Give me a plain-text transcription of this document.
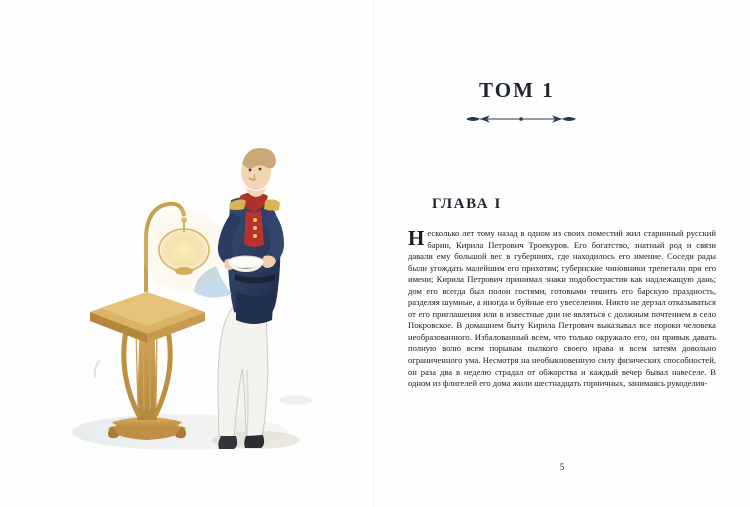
ТОМ 1
ГЛАВА I
Несколько лет тому назад в одном из своих поместий жил старинный русский барин, Кирила Петрович Троекуров. Его богатство, знатный род и связи давали ему большой вес в губерниях, где находилось его имение. Соседи рады были угождать малейшим его прихотям; губернские чиновники трепетали при его имени; Кирила Петрович принимал знаки подобострастия как надлежащую дань; дом его всегда был полон гостями, готовыми тешить его барскую праздность, разделяя шумные, а иногда и буйные его увеселения. Никто не дерзал отказываться от его приглашения или в известные дни не являться с должным почтением в село Покровское. В домашнем быту Кирила Петрович выказывал все пороки человека необразованного. Избалованный всем, что только окружало его, он привык давать полную волю всем порывам пылкого своего нрава и всем затеям довольно ограниченного ума. Несмотря на необыкновенную силу физических способностей, он раза два в неделю страдал от обжорства и каждый вечер бывал навеселе. В одном из флигелей его дома жили шестнадцать горничных, занимаясь рукоделия-
5
